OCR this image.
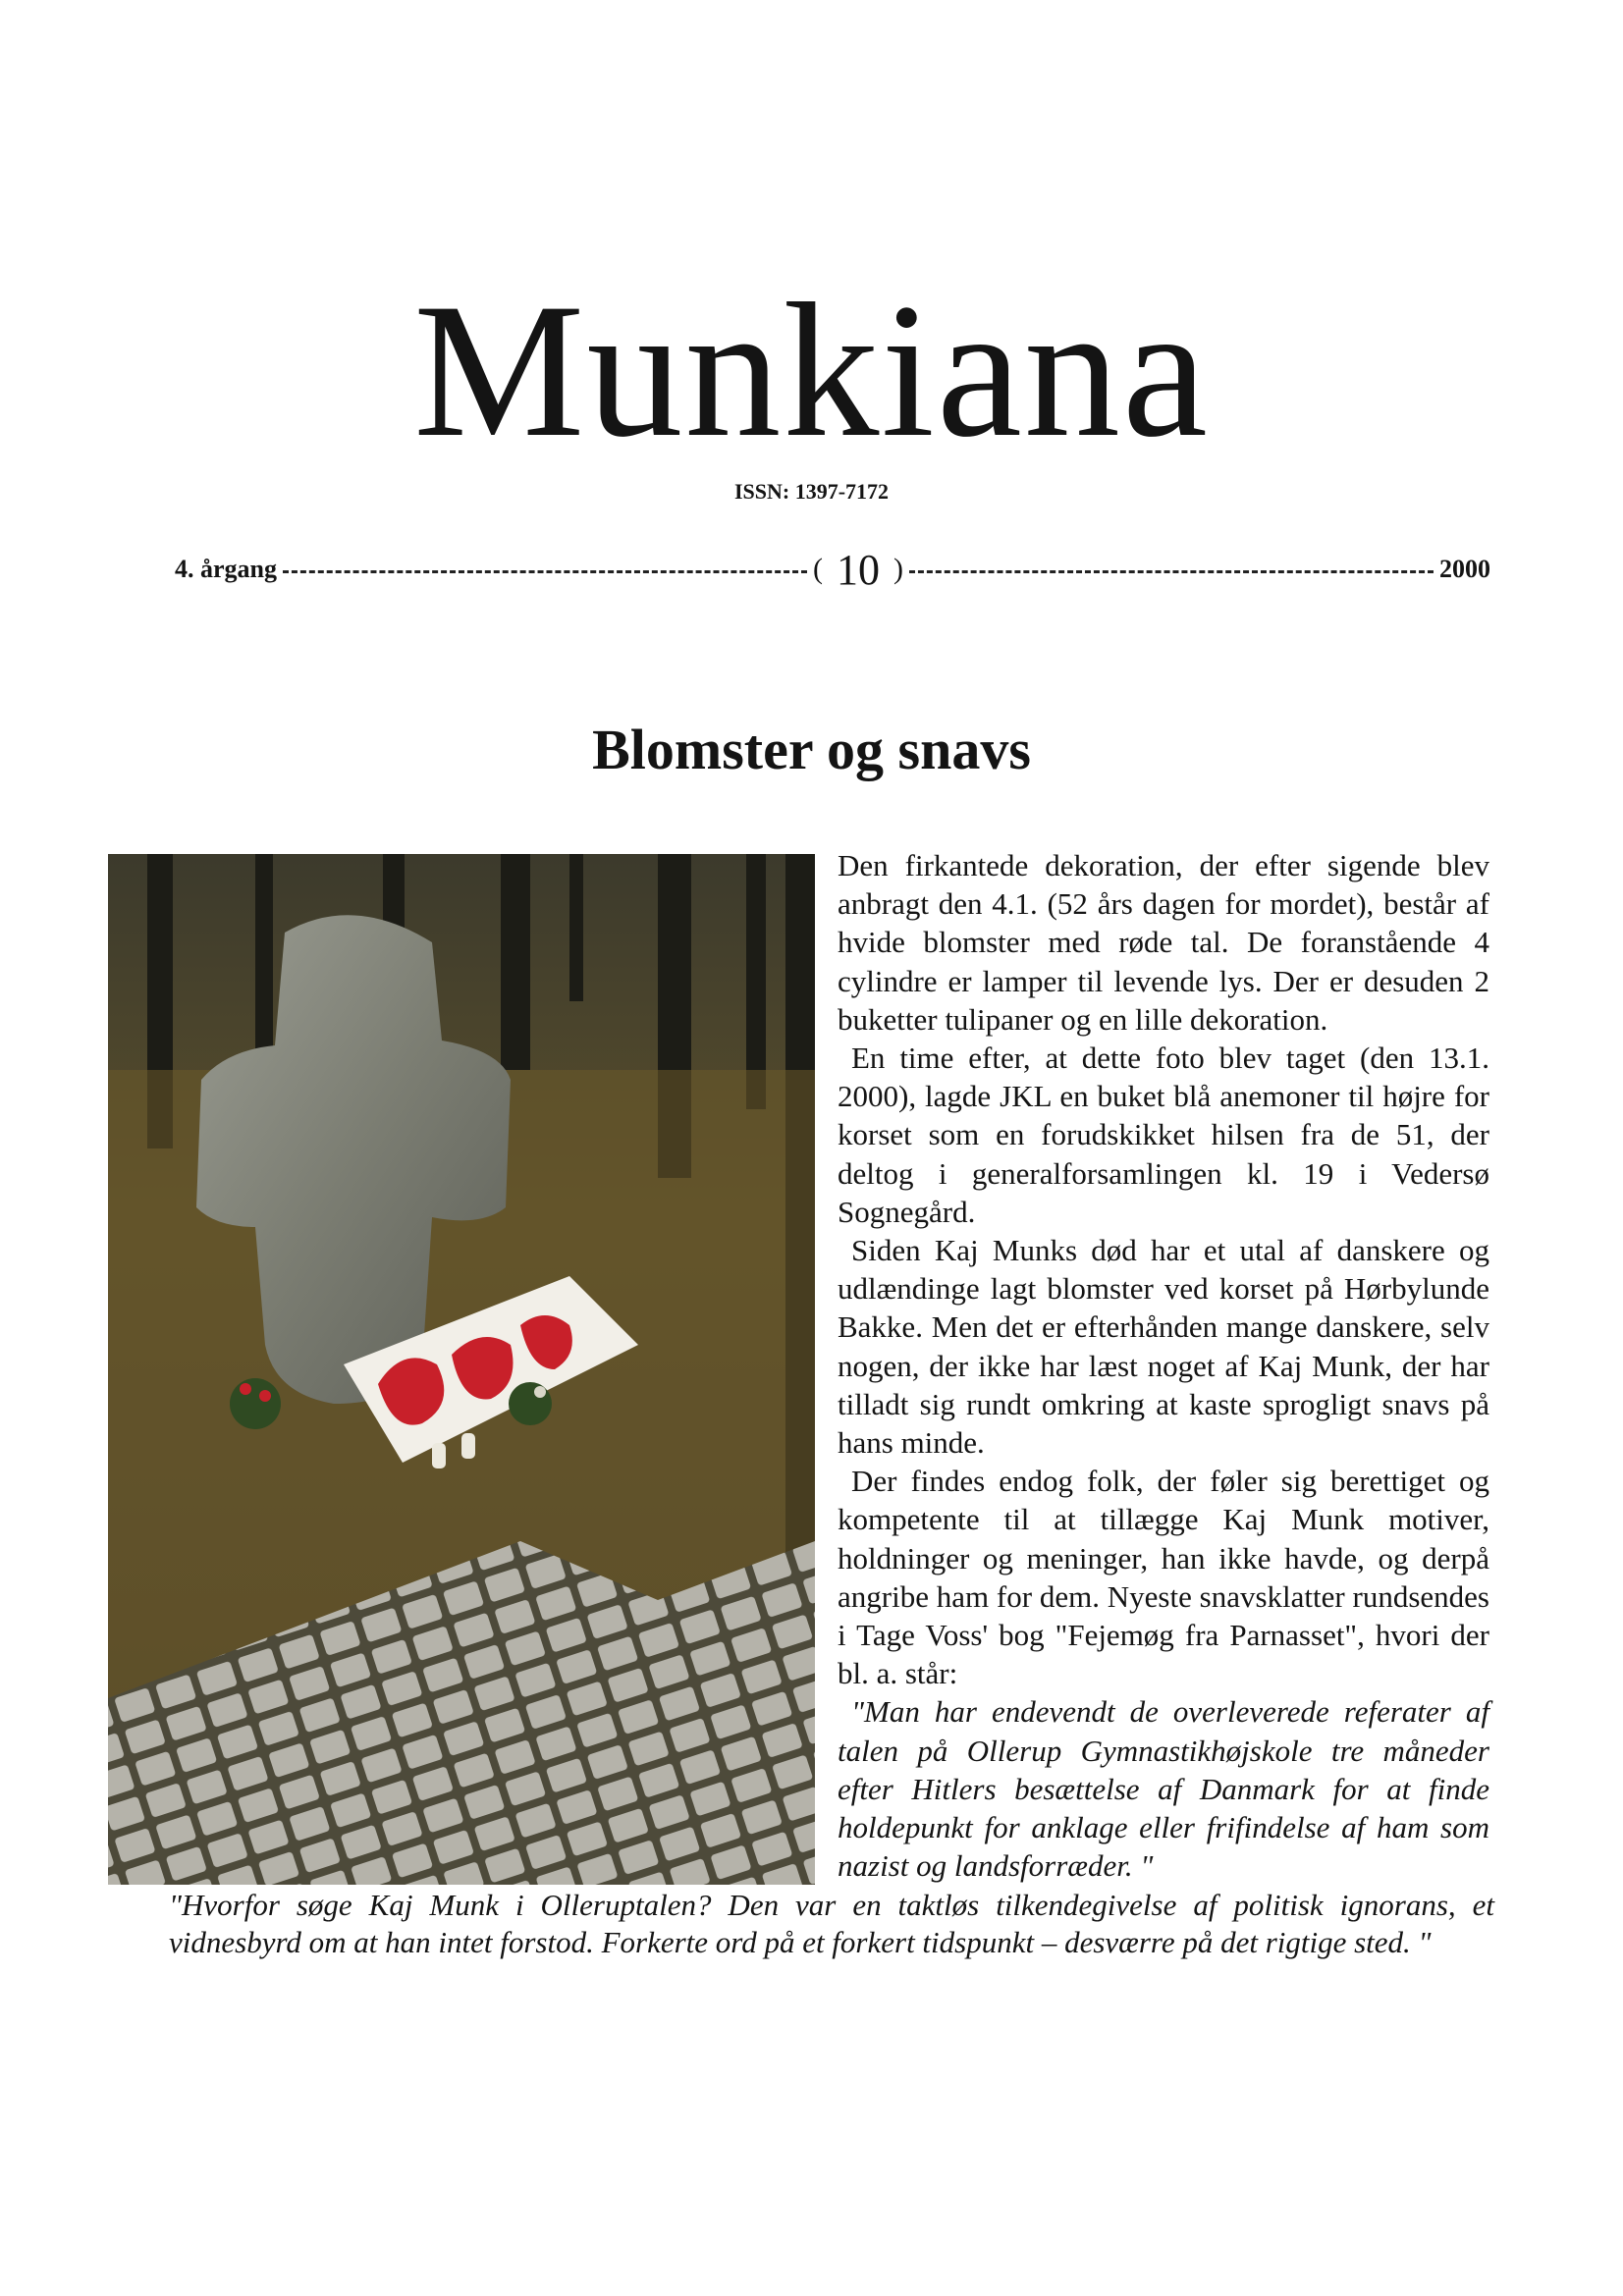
Munkiana
ISSN: 1397-7172
4. årgang	( 10 )	2000
Blomster og snavs

Den firkantede dekoration, der efter sigende blev anbragt den 4.1. (52 års dagen for mordet), består af hvide blomster med røde tal. De foranstående 4 cylindre er lamper til levende lys. Der er desuden 2 buketter tulipaner og en lille dekoration.

En time efter, at dette foto blev taget (den 13.1. 2000), lagde JKL en buket blå anemoner til højre for korset som en forudskikket hilsen fra de 51, der deltog i generalforsamlingen kl. 19 i Vedersø Sognegård.

Siden Kaj Munks død har et utal af danskere og udlændinge lagt blomster ved korset på Hørbylunde Bakke. Men det er efterhånden mange danskere, selv nogen, der ikke har læst noget af Kaj Munk, der har tilladt sig rundt omkring at kaste sprogligt snavs på hans minde.

Der findes endog folk, der føler sig berettiget og kompetente til at tillægge Kaj Munk motiver, holdninger og meninger, han ikke havde, og derpå angribe ham for dem. Nyeste snavsklatter rundsendes i Tage Voss' bog "Fejemøg fra Parnasset", hvori der bl. a. står:

"Man har endevendt de overleverede referater af talen på Ollerup Gymnastikhøjskole tre måneder efter Hitlers besættelse af Danmark for at finde holdepunkt for anklage eller frifindelse af ham som nazist og landsforræder. "

"Hvorfor søge Kaj Munk i Olleruptalen? Den var en taktløs tilkendegivelse af politisk ignorans, et vidnesbyrd om at han intet forstod. Forkerte ord på et forkert tidspunkt – desværre på det rigtige sted. "
